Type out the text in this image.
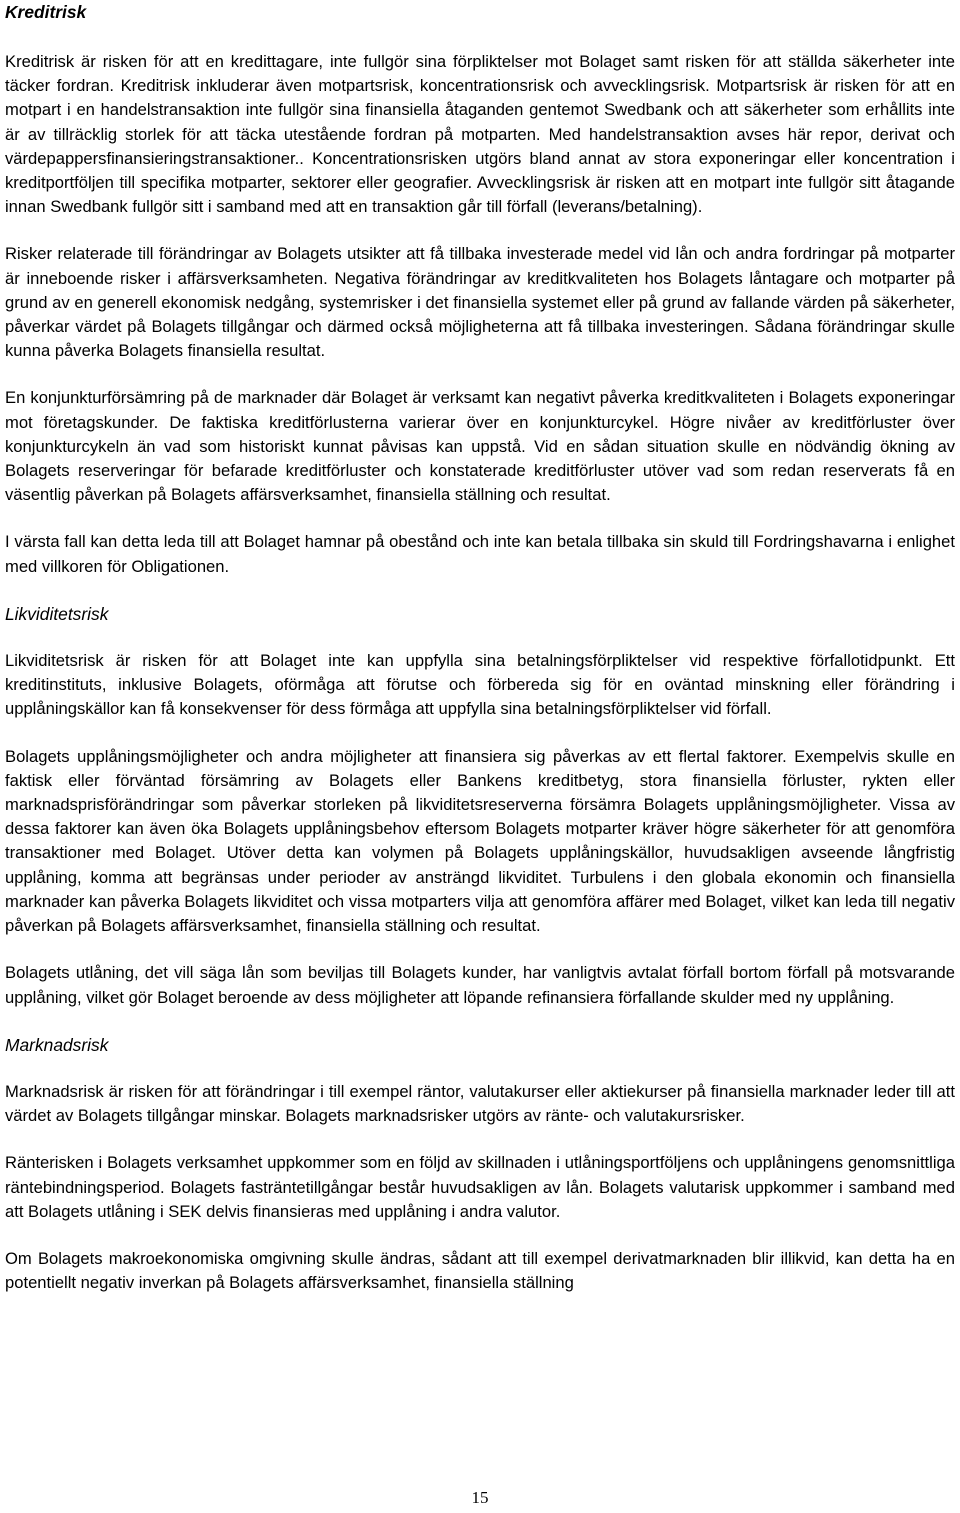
Kreditrisk

Kreditrisk är risken för att en kredittagare, inte fullgör sina förpliktelser mot Bolaget samt risken för att ställda säkerheter inte täcker fordran. Kreditrisk inkluderar även motpartsrisk, koncentrationsrisk och avvecklingsrisk. Motpartsrisk är risken för att en motpart i en handelstransaktion inte fullgör sina finansiella åtaganden gentemot Swedbank och att säkerheter som erhållits inte är av tillräcklig storlek för att täcka utestående fordran på motparten. Med handelstransaktion avses här repor, derivat och värdepappersfinansieringstransaktioner.. Koncentrationsrisken utgörs bland annat av stora exponeringar eller koncentration i kreditportföljen till specifika motparter, sektorer eller geografier. Avvecklingsrisk är risken att en motpart inte fullgör sitt åtagande innan Swedbank fullgör sitt i samband med att en transaktion går till förfall (leverans/betalning).

Risker relaterade till förändringar av Bolagets utsikter att få tillbaka investerade medel vid lån och andra fordringar på motparter är inneboende risker i affärsverksamheten. Negativa förändringar av kreditkvaliteten hos Bolagets låntagare och motparter på grund av en generell ekonomisk nedgång, systemrisker i det finansiella systemet eller på grund av fallande värden på säkerheter, påverkar värdet på Bolagets tillgångar och därmed också möjligheterna att få tillbaka investeringen. Sådana förändringar skulle kunna påverka Bolagets finansiella resultat.

En konjunkturförsämring på de marknader där Bolaget är verksamt kan negativt påverka kreditkvaliteten i Bolagets exponeringar mot företagskunder. De faktiska kreditförlusterna varierar över en konjunkturcykel. Högre nivåer av kreditförluster över konjunkturcykeln än vad som historiskt kunnat påvisas kan uppstå. Vid en sådan situation skulle en nödvändig ökning av Bolagets reserveringar för befarade kreditförluster och konstaterade kreditförluster utöver vad som redan reserverats få en väsentlig påverkan på Bolagets affärsverksamhet, finansiella ställning och resultat.

I värsta fall kan detta leda till att Bolaget hamnar på obestånd och inte kan betala tillbaka sin skuld till Fordringshavarna i enlighet med villkoren för Obligationen.

Likviditetsrisk

Likviditetsrisk är risken för att Bolaget inte kan uppfylla sina betalningsförpliktelser vid respektive förfallotidpunkt. Ett kreditinstituts, inklusive Bolagets, oförmåga att förutse och förbereda sig för en oväntad minskning eller förändring i upplåningskällor kan få konsekvenser för dess förmåga att uppfylla sina betalningsförpliktelser vid förfall.

Bolagets upplåningsmöjligheter och andra möjligheter att finansiera sig påverkas av ett flertal faktorer. Exempelvis skulle en faktisk eller förväntad försämring av Bolagets eller Bankens kreditbetyg, stora finansiella förluster, rykten eller marknadsprisförändringar som påverkar storleken på likviditetsreserverna försämra Bolagets upplåningsmöjligheter. Vissa av dessa faktorer kan även öka Bolagets upplåningsbehov eftersom Bolagets motparter kräver högre säkerheter för att genomföra transaktioner med Bolaget. Utöver detta kan volymen på Bolagets upplåningskällor, huvudsakligen avseende långfristig upplåning, komma att begränsas under perioder av ansträngd likviditet. Turbulens i den globala ekonomin och finansiella marknader kan påverka Bolagets likviditet och vissa motparters vilja att genomföra affärer med Bolaget, vilket kan leda till negativ påverkan på Bolagets affärsverksamhet, finansiella ställning och resultat.

Bolagets utlåning, det vill säga lån som beviljas till Bolagets kunder, har vanligtvis avtalat förfall bortom förfall på motsvarande upplåning, vilket gör Bolaget beroende av dess möjligheter att löpande refinansiera förfallande skulder med ny upplåning.

Marknadsrisk

Marknadsrisk är risken för att förändringar i till exempel räntor, valutakurser eller aktiekurser på finansiella marknader leder till att värdet av Bolagets tillgångar minskar. Bolagets marknadsrisker utgörs av ränte- och valutakursrisker.

Ränterisken i Bolagets verksamhet uppkommer som en följd av skillnaden i utlåningsportföljens och upplåningens genomsnittliga räntebindningsperiod. Bolagets fasträntetillgångar består huvudsakligen av lån. Bolagets valutarisk uppkommer i samband med att Bolagets utlåning i SEK delvis finansieras med upplåning i andra valutor.

Om Bolagets makroekonomiska omgivning skulle ändras, sådant att till exempel derivatmarknaden blir illikvid, kan detta ha en potentiellt negativ inverkan på Bolagets affärsverksamhet, finansiella ställning

15
